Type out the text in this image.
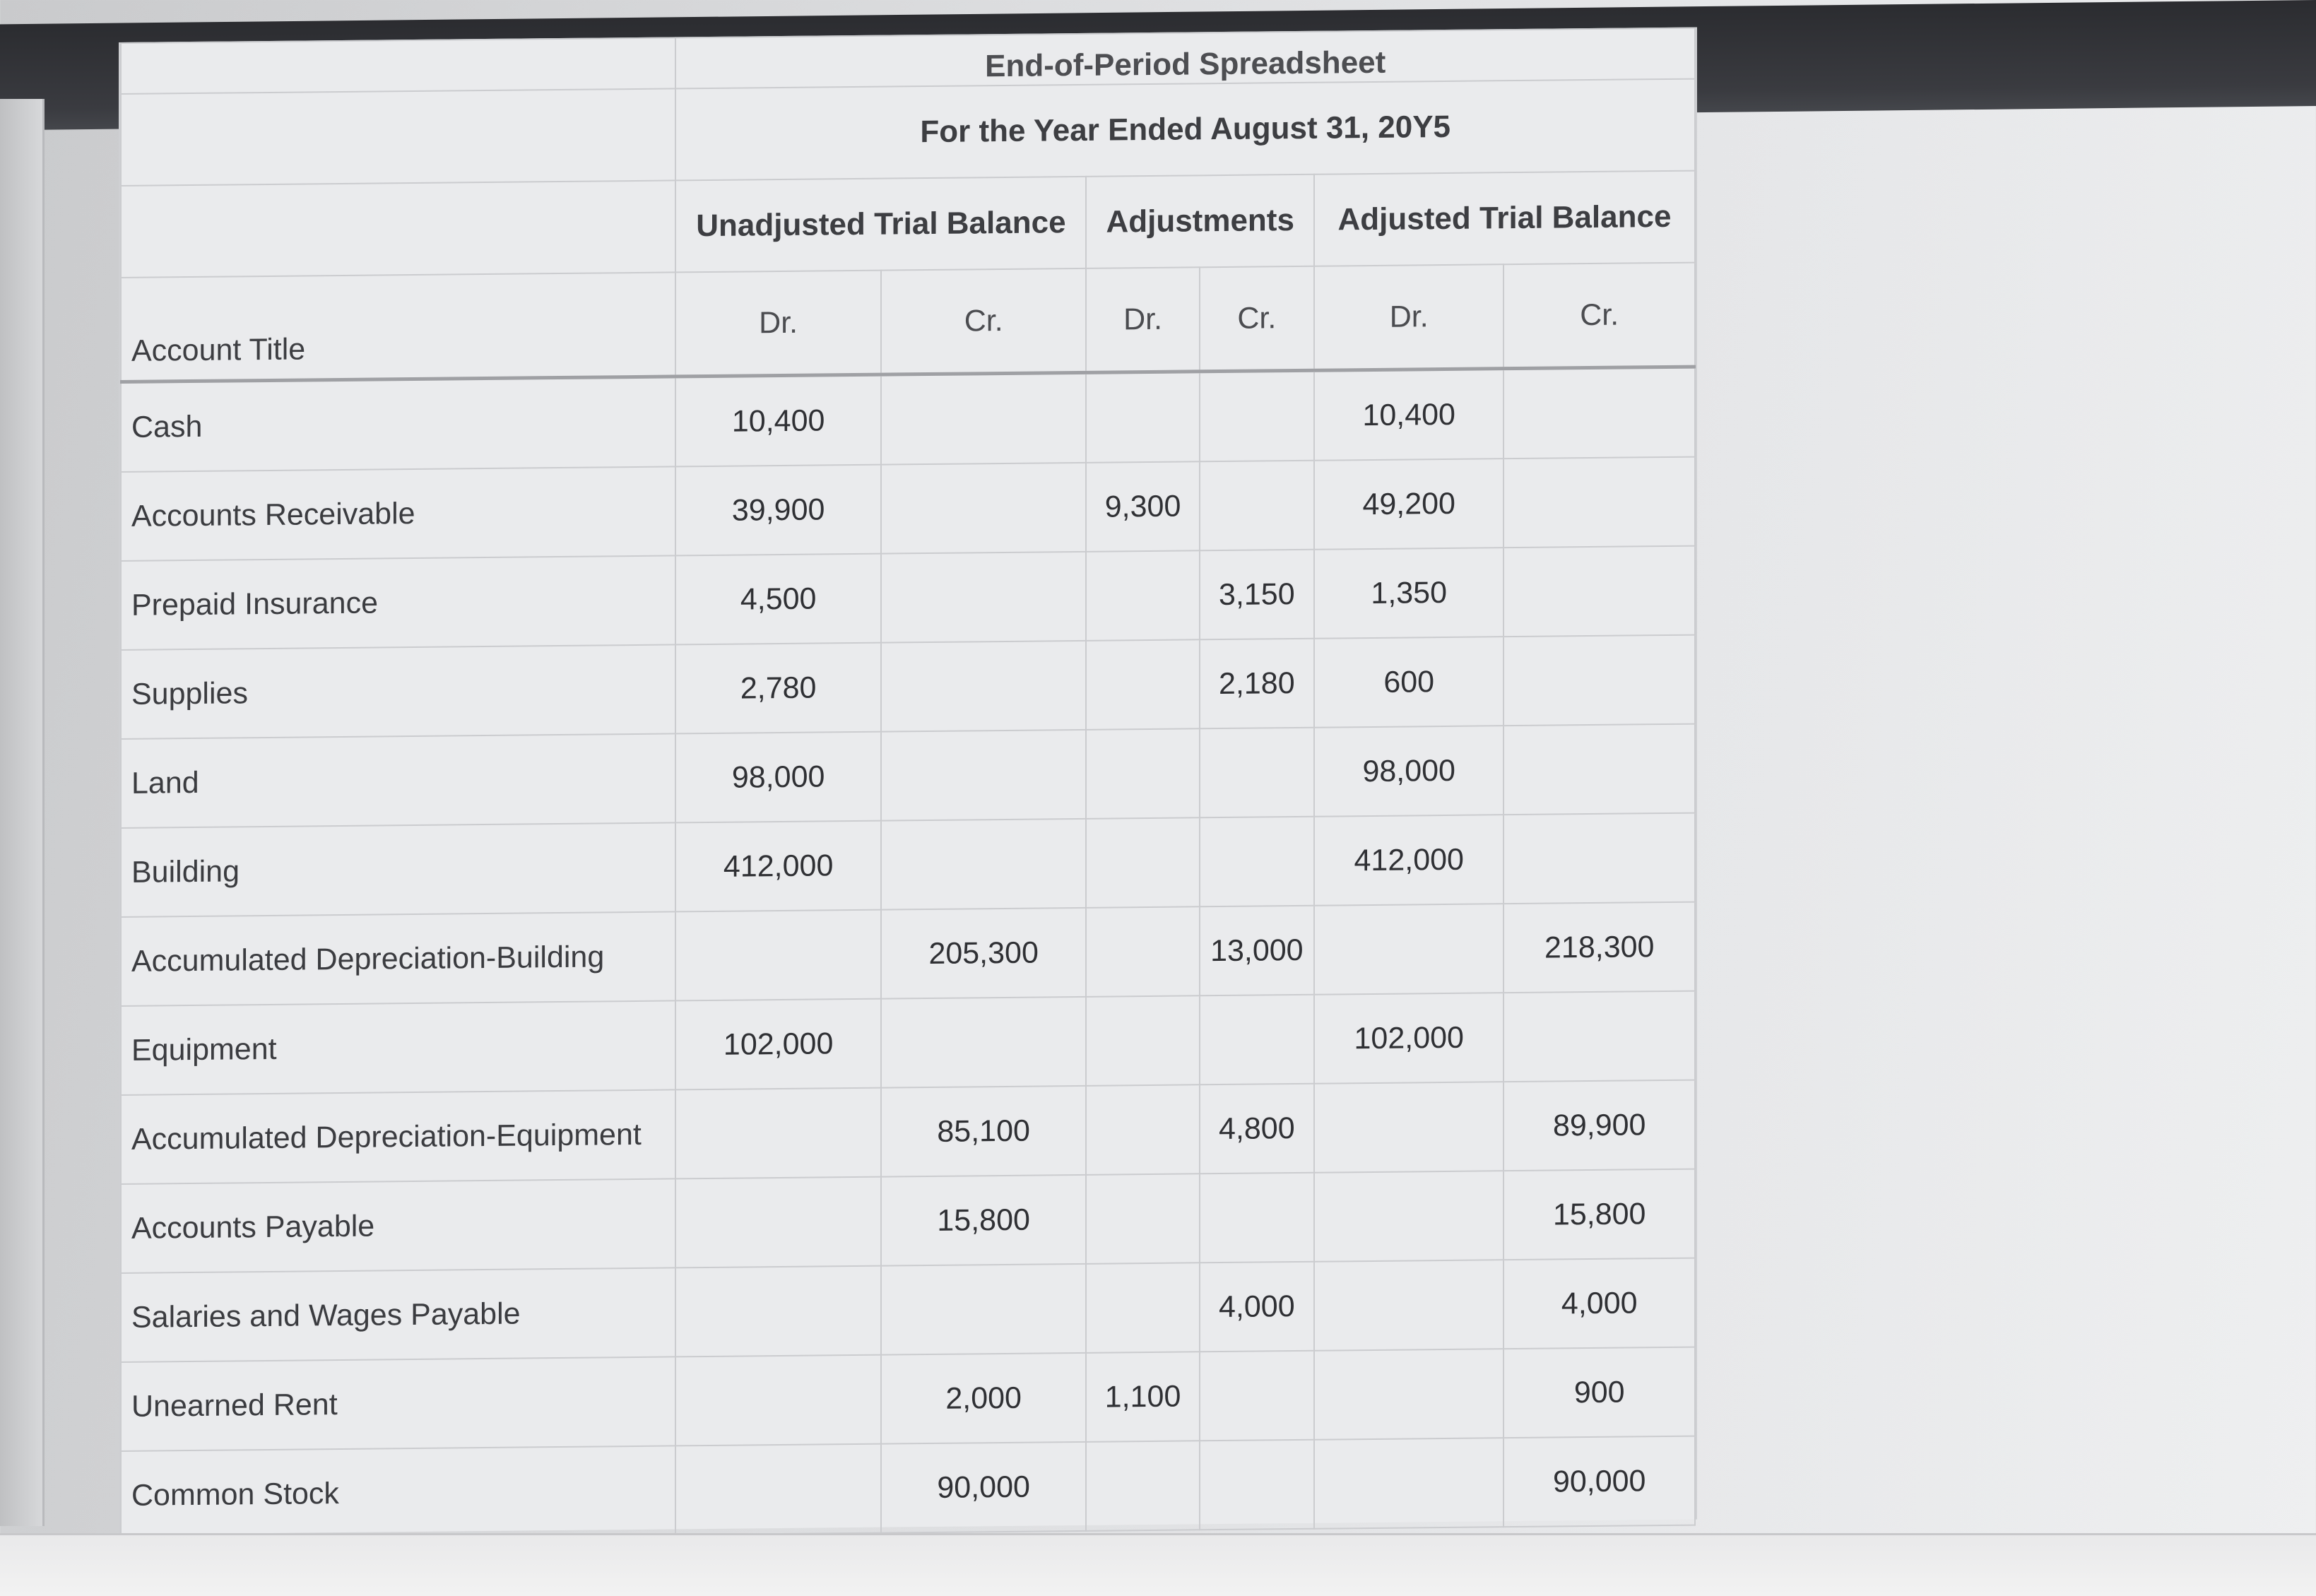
	End-of-Period Spreadsheet					
	For the Year Ended August 31, 20Y5					
	Unadjusted Trial Balance		Adjustments		Adjusted Trial Balance	
Account Title	Dr.	Cr.	Dr.	Cr.	Dr.	Cr.
Cash	10,400				10,400	
Accounts Receivable	39,900		9,300		49,200	
Prepaid Insurance	4,500			3,150	1,350	
Supplies	2,780			2,180	600	
Land	98,000				98,000	
Building	412,000				412,000	
Accumulated Depreciation-Building		205,300		13,000		218,300
Equipment	102,000				102,000	
Accumulated Depreciation-Equipment		85,100		4,800		89,900
Accounts Payable		15,800				15,800
Salaries and Wages Payable				4,000		4,000
Unearned Rent		2,000	1,100			900
Common Stock		90,000				90,000
